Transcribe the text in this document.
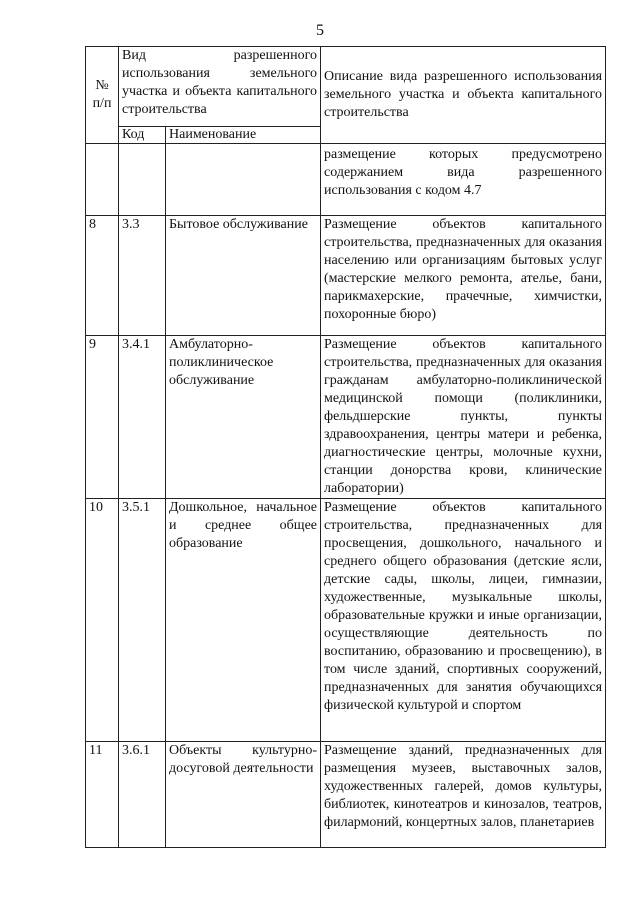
5
№ п/п	Вид разрешенного использования земельного участка и объекта капитального строительства		Описание вида разрешенного использования земельного участка и объекта капитального строительства
	Код	Наименование	
			размещение которых предусмотрено содержанием вида разрешенного использования с кодом 4.7
8	3.3	Бытовое обслуживание	Размещение объектов капитального строительства, предназначенных для оказания населению или организациям бытовых услуг (мастерские мелкого ремонта, ателье, бани, парикмахерские, прачечные, химчистки, похоронные бюро)
9	3.4.1	Амбулаторно-поликлиническое обслуживание	Размещение объектов капитального строительства, предназначенных для оказания гражданам амбулаторно-поликлинической медицинской помощи (поликлиники, фельдшерские пункты, пункты здравоохранения, центры матери и ребенка, диагностические центры, молочные кухни, станции донорства крови, клинические лаборатории)
10	3.5.1	Дошкольное, начальное и среднее общее образование	Размещение объектов капитального строительства, предназначенных для просвещения, дошкольного, начального и среднего общего образования (детские ясли, детские сады, школы, лицеи, гимназии, художественные, музыкальные школы, образовательные кружки и иные организации, осуществляющие деятельность по воспитанию, образованию и просвещению), в том числе зданий, спортивных сооружений, предназначенных для занятия обучающихся физической культурой и спортом
11	3.6.1	Объекты культурно-досуговой деятельности	Размещение зданий, предназначенных для размещения музеев, выставочных залов, художественных галерей, домов культуры, библиотек, кинотеатров и кинозалов, театров, филармоний, концертных залов, планетариев
